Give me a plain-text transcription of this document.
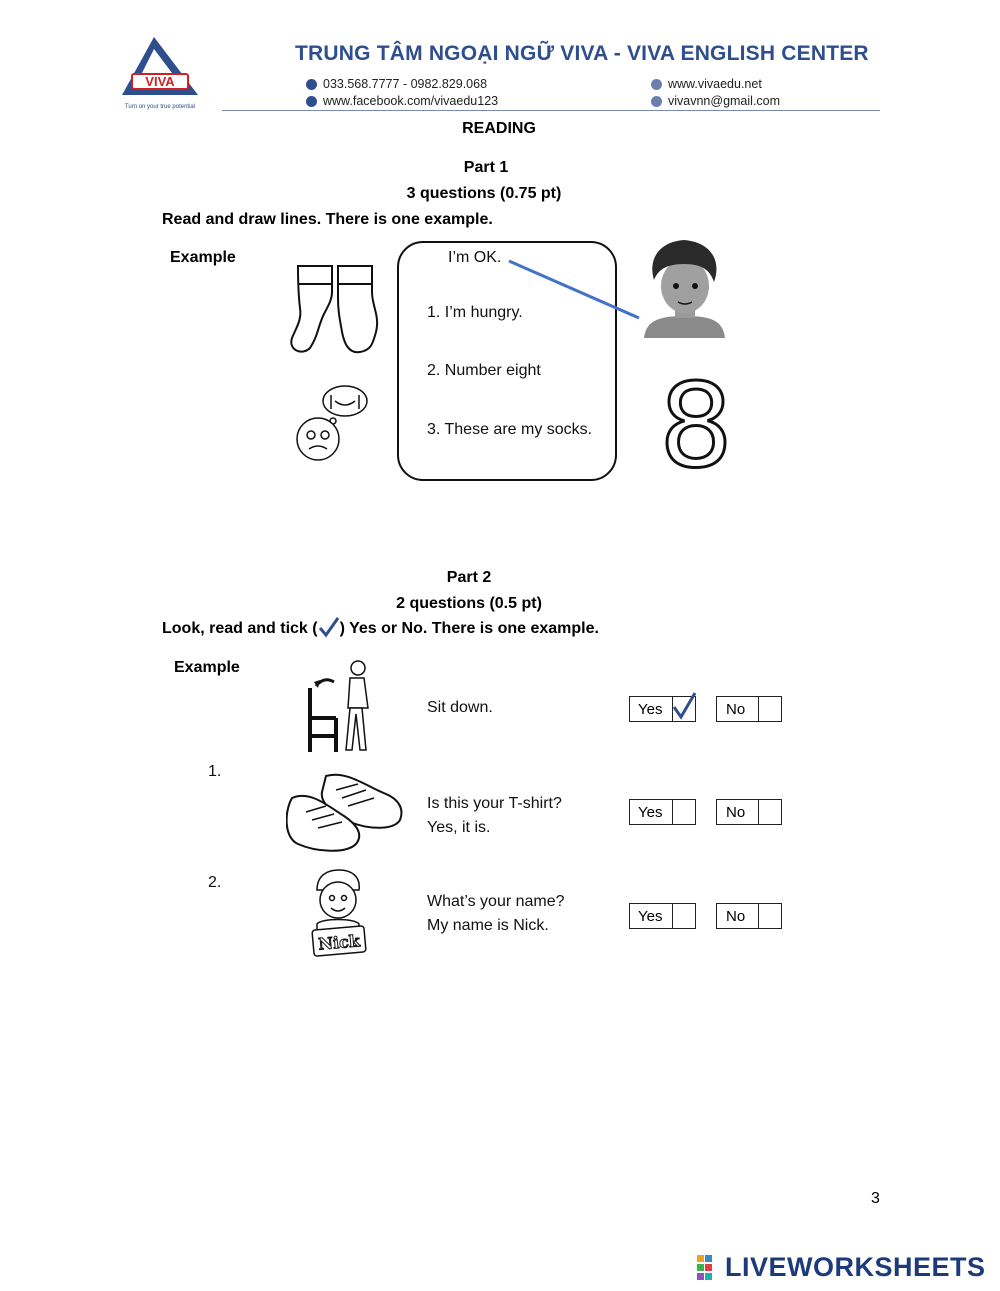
VIVA
Turn on your true potential
TRUNG TÂM NGOẠI NGỮ VIVA - VIVA ENGLISH CENTER
033.568.7777 - 0982.829.068
www.facebook.com/vivaedu123
www.vivaedu.net
vivavnn@gmail.com
READING
Part 1
3 questions (0.75 pt)
Read and draw lines. There is one example.
Example	I’m OK.
1. I’m hungry.
2. Number eight
3. These are my socks. 8
Part 2
2 questions (0.5 pt)
Look, read and tick ( ) Yes or No. There is one example.
Example
Sit down.	Yes	No
1.
Is this your T-shirt?
Yes, it is.
Yes	No
2.
Nick
What’s your name?
My name is Nick.
Yes	No
3
LIVEWORKSHEETS
